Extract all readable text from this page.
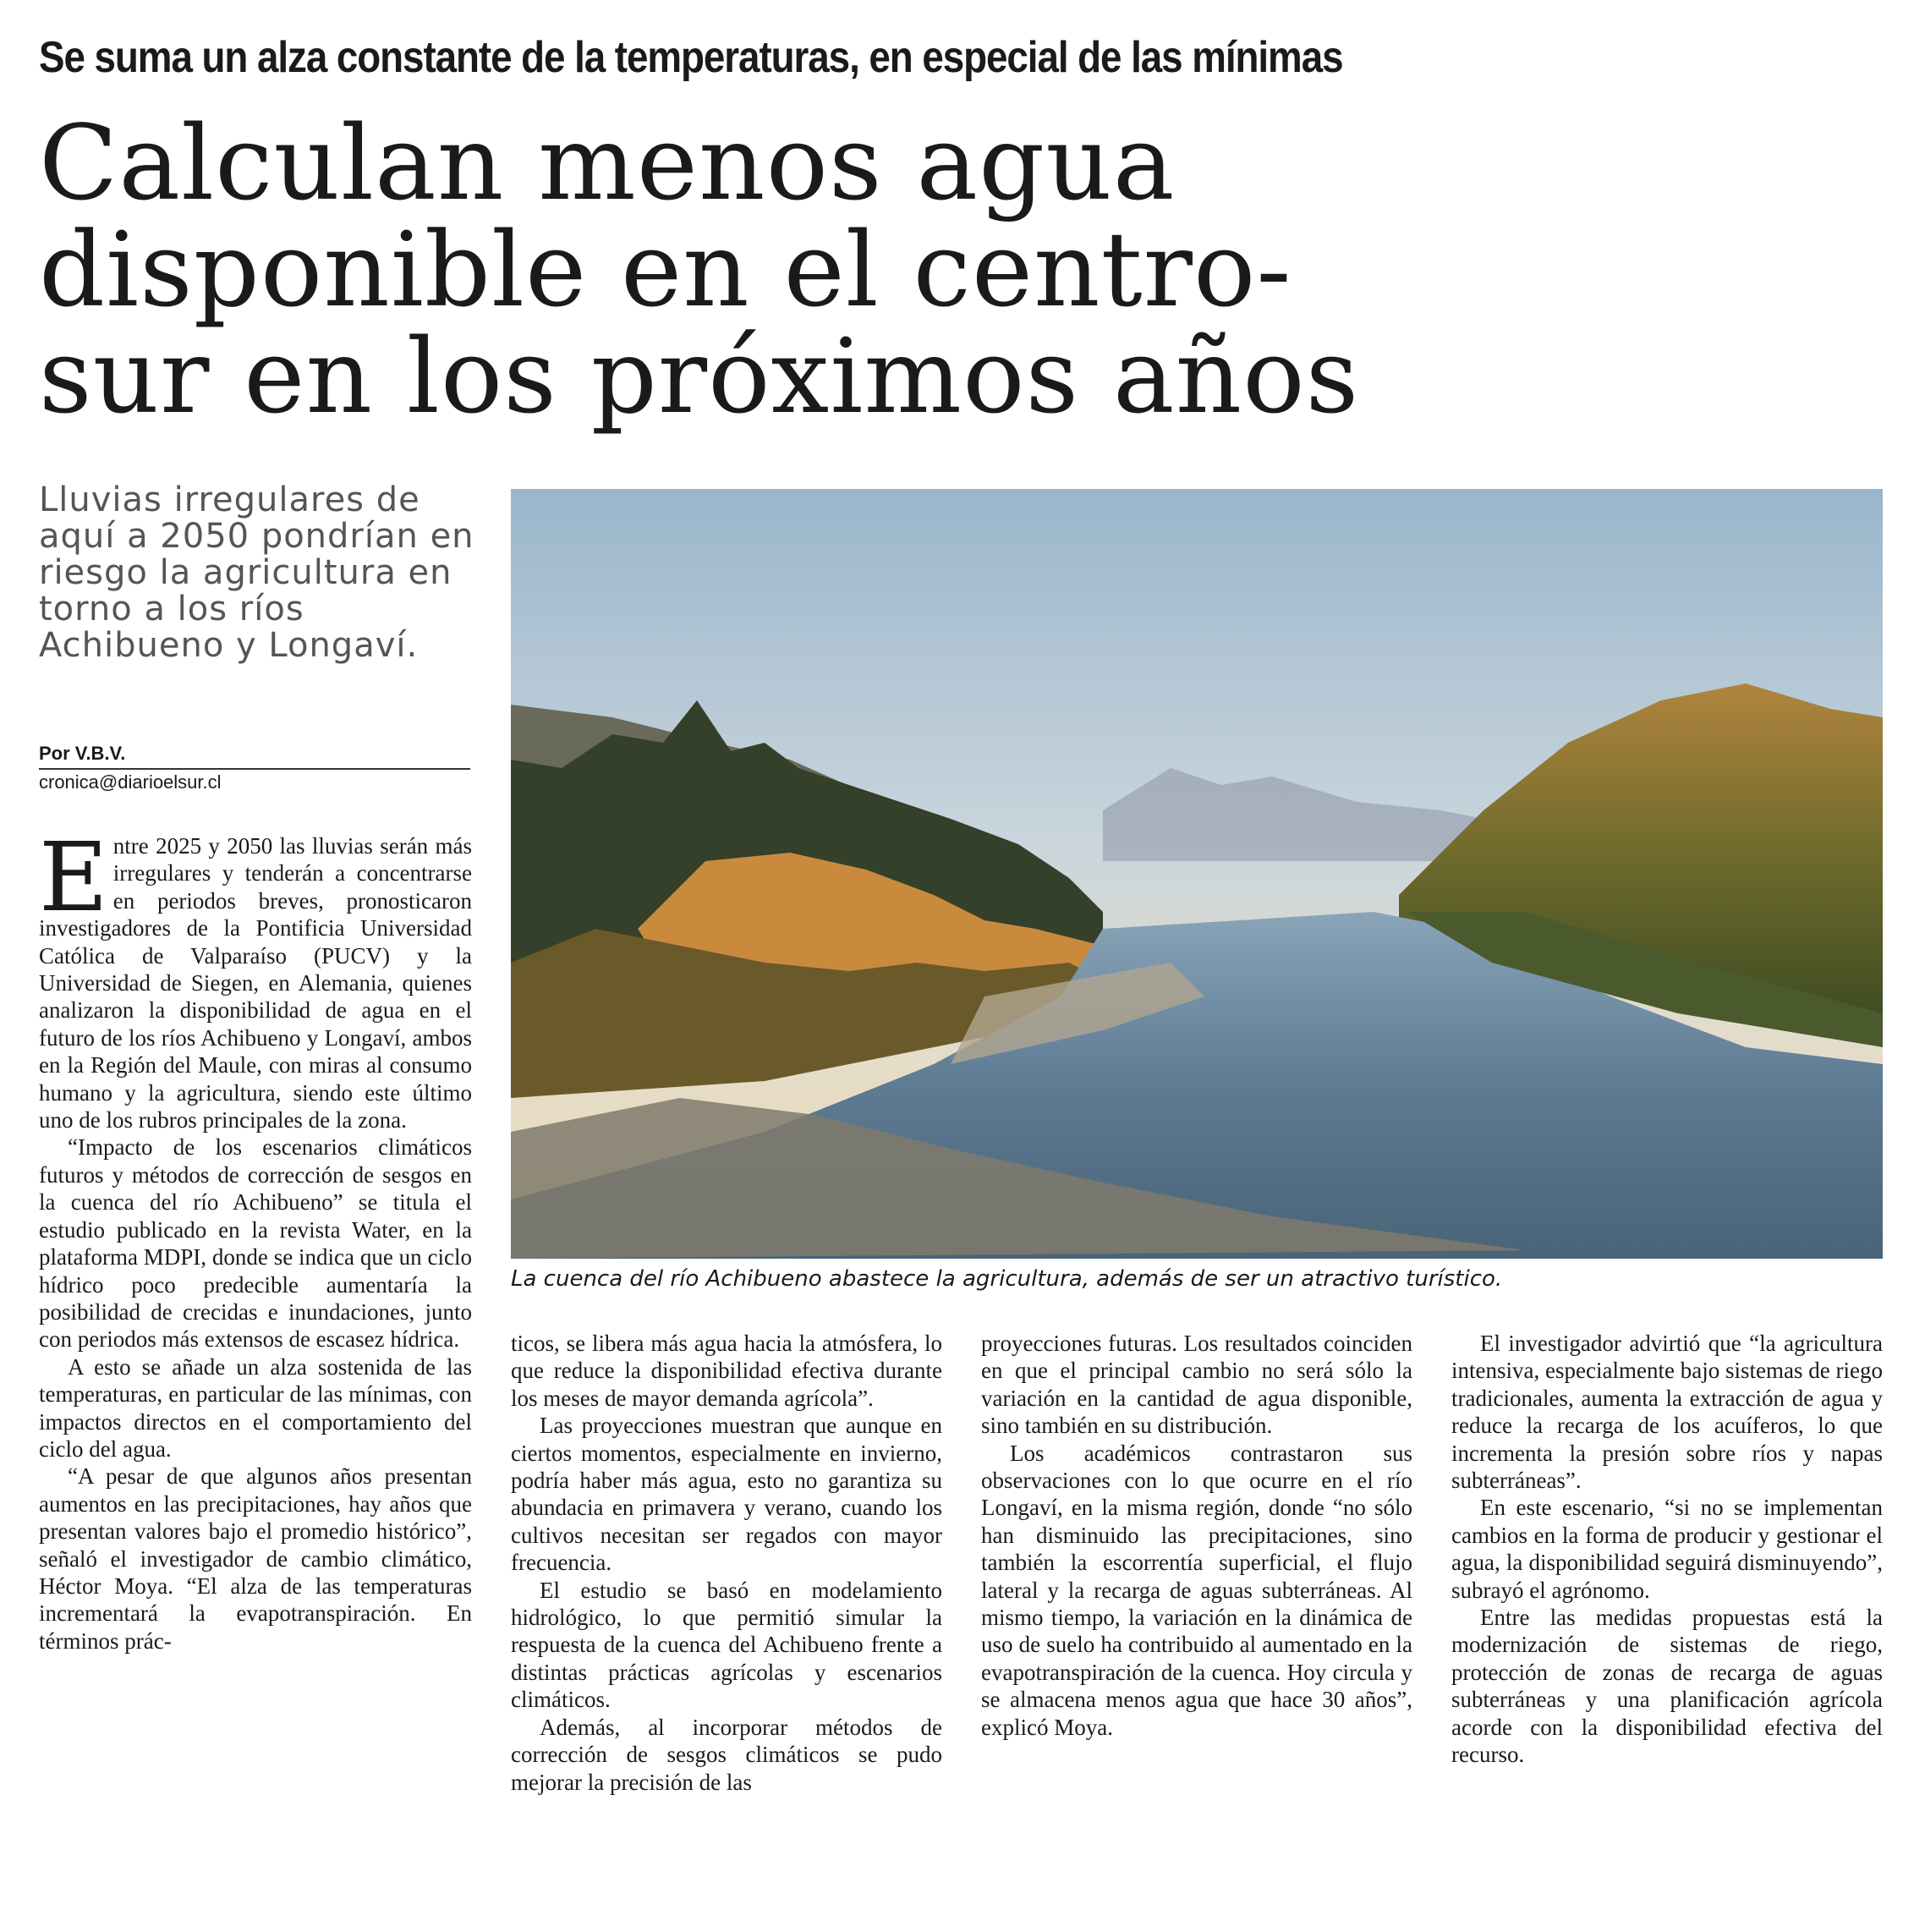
Se suma un alza constante de la temperaturas, en especial de las mínimas
Calculan menos agua
disponible en el centro-
sur en los próximos años
Lluvias irregulares de aquí a 2050 pondrían en riesgo la agricultura en torno a los ríos Achibueno y Longaví.
Por V.B.V.
cronica@diarioelsur.cl
La cuenca del río Achibueno abastece la agricultura, además de ser un atractivo turístico.
E ntre 2025 y 2050 las lluvias serán más irregulares y tenderán a concentrarse en periodos breves, pronosticaron investigadores de la Pontificia Universidad Católica de Valparaíso (PUCV) y la Universidad de Siegen, en Alemania, quienes analizaron la disponibilidad de agua en el futuro de los ríos Achibueno y Longaví, ambos en la Región del Maule, con miras al consumo humano y la agricultura, siendo este último uno de los rubros principales de la zona.

“Impacto de los escenarios climáticos futuros y métodos de corrección de sesgos en la cuenca del río Achibueno” se titula el estudio publicado en la revista Water, en la plataforma MDPI, donde se indica que un ciclo hídrico poco predecible aumentaría la posibilidad de crecidas e inundaciones, junto con periodos más extensos de escasez hídrica.

A esto se añade un alza sostenida de las temperaturas, en particular de las mínimas, con impactos directos en el comportamiento del ciclo del agua.

“A pesar de que algunos años presentan aumentos en las precipitaciones, hay años que presentan valores bajo el promedio histórico”, señaló el investigador de cambio climático, Héctor Moya. “El alza de las temperaturas incrementará la evapotranspiración. En términos prác-

ticos, se libera más agua hacia la atmósfera, lo que reduce la disponibilidad efectiva durante los meses de mayor demanda agrícola”.

Las proyecciones muestran que aunque en ciertos momentos, especialmente en invierno, podría haber más agua, esto no garantiza su abundacia en primavera y verano, cuando los cultivos necesitan ser regados con mayor frecuencia.

El estudio se basó en modelamiento hidrológico, lo que permitió simular la respuesta de la cuenca del Achibueno frente a distintas prácticas agrícolas y escenarios climáticos.

Además, al incorporar métodos de corrección de sesgos climáticos se pudo mejorar la precisión de las

proyecciones futuras. Los resultados coinciden en que el principal cambio no será sólo la variación en la cantidad de agua disponible, sino también en su distribución.

Los académicos contrastaron sus observaciones con lo que ocurre en el río Longaví, en la misma región, donde “no sólo han disminuido las precipitaciones, sino también la escorrentía superficial, el flujo lateral y la recarga de aguas subterráneas. Al mismo tiempo, la variación en la dinámica de uso de suelo ha contribuido al aumentado en la evapotranspiración de la cuenca. Hoy circula y se almacena menos agua que hace 30 años”, explicó Moya.

El investigador advirtió que “la agricultura intensiva, especialmente bajo sistemas de riego tradicionales, aumenta la extracción de agua y reduce la recarga de los acuíferos, lo que incrementa la presión sobre ríos y napas subterráneas”.

En este escenario, “si no se implementan cambios en la forma de producir y gestionar el agua, la disponibilidad seguirá disminuyendo”, subrayó el agrónomo.

Entre las medidas propuestas está la modernización de sistemas de riego, protección de zonas de recarga de aguas subterráneas y una planificación agrícola acorde con la disponibilidad efectiva del recurso.
